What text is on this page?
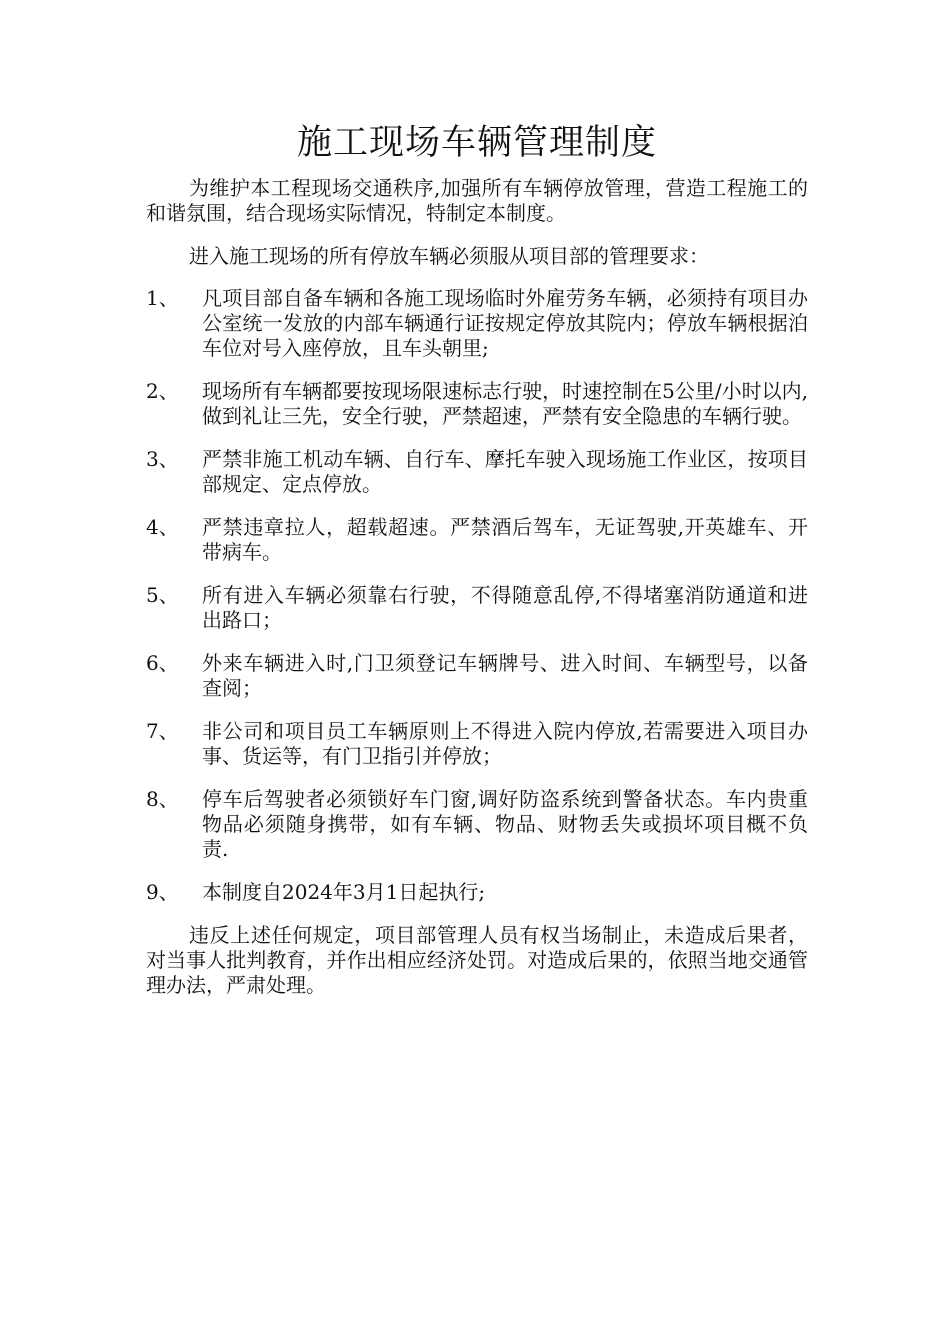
施工现场车辆管理制度

为维护本工程现场交通秩序,加强所有车辆停放管理，营造工程施工的和谐氛围，结合现场实际情况，特制定本制度。

进入施工现场的所有停放车辆必须服从项目部的管理要求：

1、	凡项目部自备车辆和各施工现场临时外雇劳务车辆，必须持有项目办公室统一发放的内部车辆通行证按规定停放其院内；停放车辆根据泊车位对号入座停放，且车头朝里;
2、	现场所有车辆都要按现场限速标志行驶，时速控制在5公里/小时以内,做到礼让三先，安全行驶，严禁超速，严禁有安全隐患的车辆行驶。
3、	严禁非施工机动车辆、自行车、摩托车驶入现场施工作业区，按项目部规定、定点停放。
4、	严禁违章拉人，超载超速。严禁酒后驾车，无证驾驶,开英雄车、开带病车。
5、	所有进入车辆必须靠右行驶，不得随意乱停,不得堵塞消防通道和进出路口；
6、	外来车辆进入时,门卫须登记车辆牌号、进入时间、车辆型号，以备查阅；
7、	非公司和项目员工车辆原则上不得进入院内停放,若需要进入项目办事、货运等，有门卫指引并停放；
8、	停车后驾驶者必须锁好车门窗,调好防盗系统到警备状态。车内贵重物品必须随身携带，如有车辆、物品、财物丢失或损坏项目概不负责.
9、	本制度自2024年3月1日起执行;

违反上述任何规定，项目部管理人员有权当场制止，未造成后果者，对当事人批判教育，并作出相应经济处罚。对造成后果的，依照当地交通管理办法，严肃处理。
